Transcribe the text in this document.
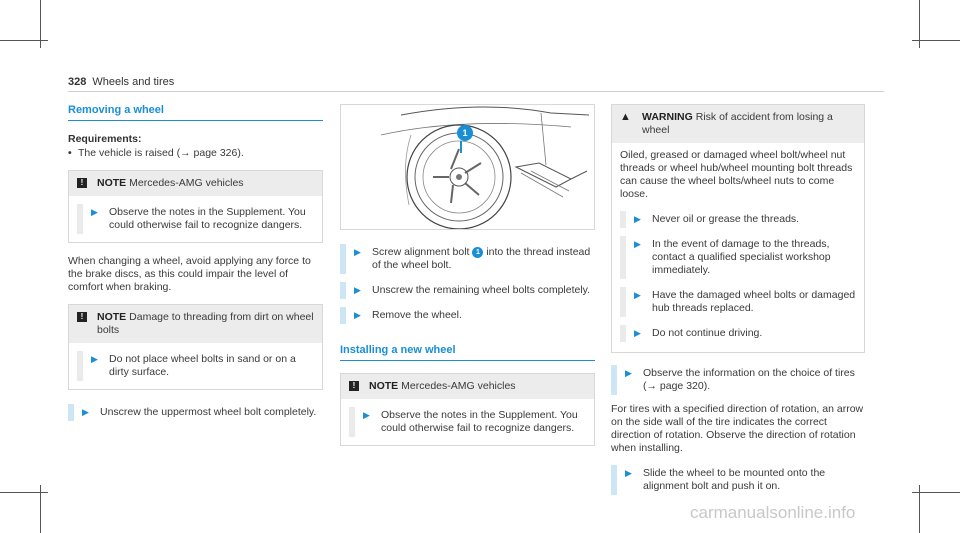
328 Wheels and tires
Removing a wheel
Requirements:
• The vehicle is raised (→ page 326).
!	NOTE Mercedes-AMG vehicles
▶	Observe the notes in the Supplement. You could otherwise fail to recognize dangers.
When changing a wheel, avoid applying any force to the brake discs, as this could impair the level of comfort when braking.
!	NOTE Damage to threading from dirt on wheel bolts
▶	Do not place wheel bolts in sand or on a dirty surface.
▶	Unscrew the uppermost wheel bolt completely.
1
▶	Screw alignment bolt 1 into the thread instead of the wheel bolt.
▶	Unscrew the remaining wheel bolts completely.
▶	Remove the wheel.
Installing a new wheel
!	NOTE Mercedes-AMG vehicles
▶	Observe the notes in the Supplement. You could otherwise fail to recognize dangers.
▲ WARNING Risk of accident from losing a wheel
Oiled, greased or damaged wheel bolt/wheel nut threads or wheel hub/wheel mounting bolt threads can cause the wheel bolts/wheel nuts to come loose.
▶	Never oil or grease the threads.
▶	In the event of damage to the threads, contact a qualified specialist workshop immediately.
▶	Have the damaged wheel bolts or damaged hub threads replaced.
▶	Do not continue driving.
▶	Observe the information on the choice of tires (→ page 320).
For tires with a specified direction of rotation, an arrow on the side wall of the tire indicates the correct direction of rotation. Observe the direction of rotation when installing.
▶	Slide the wheel to be mounted onto the alignment bolt and push it on.
carmanualsonline.info
